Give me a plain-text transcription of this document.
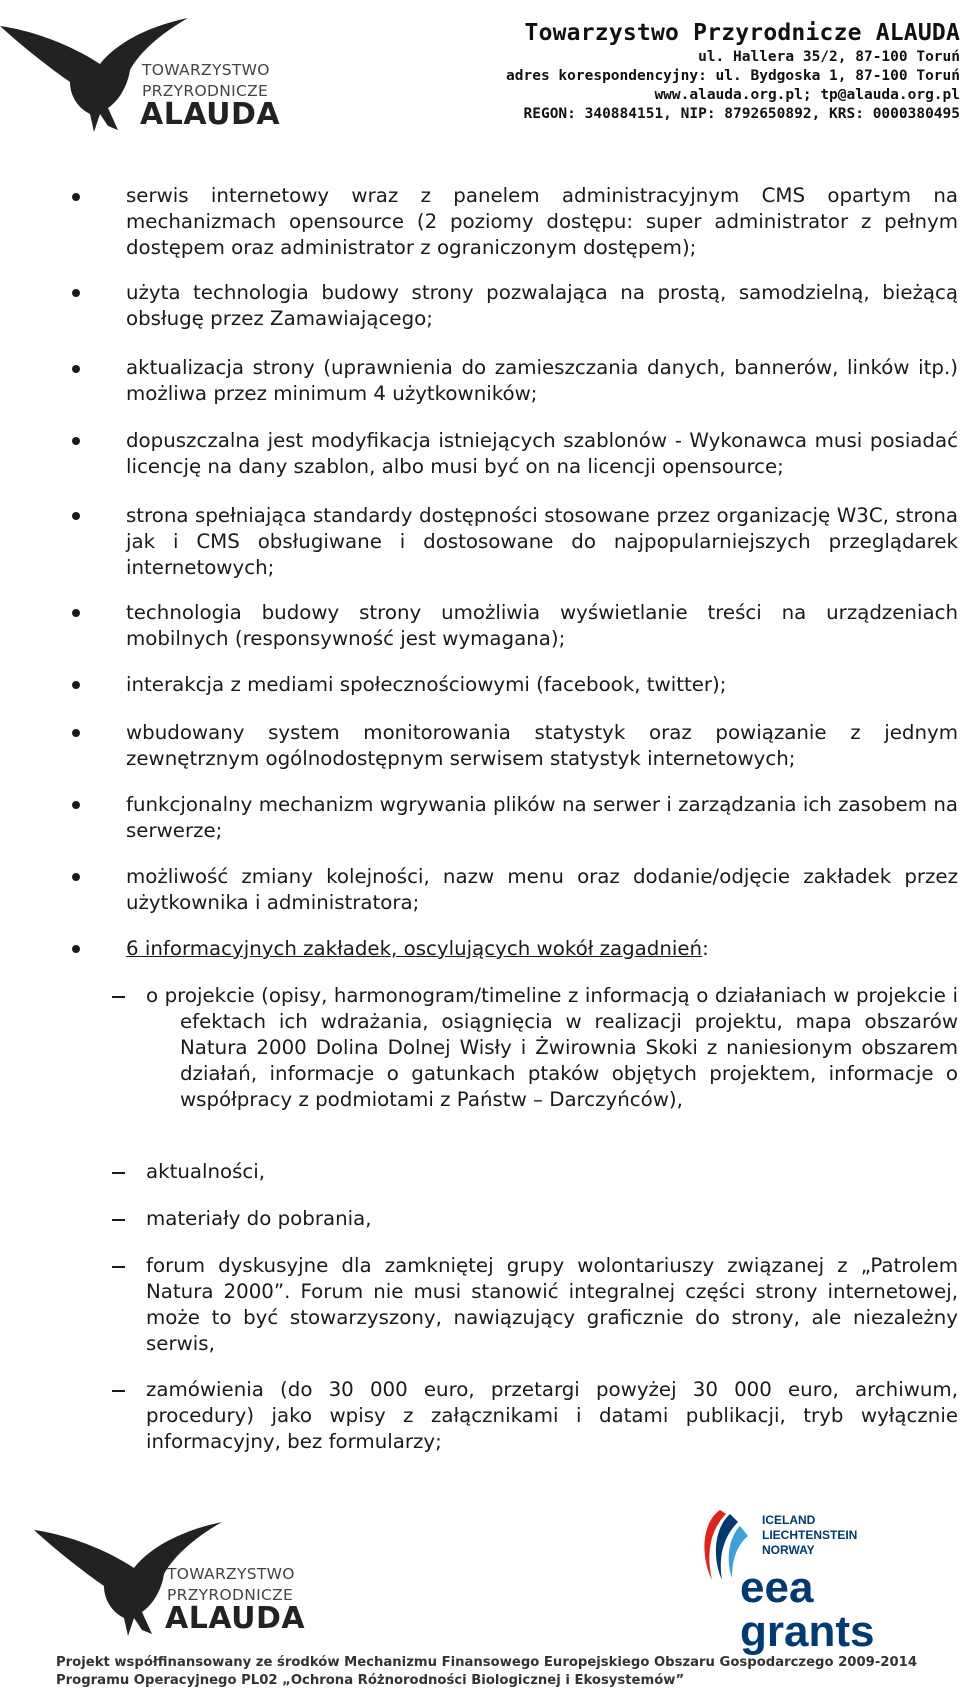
TOWARZYSTWO
PRZYRODNICZE
ALAUDA
Towarzystwo Przyrodnicze ALAUDA
ul. Hallera 35/2, 87-100 Toruń
adres korespondencyjny: ul. Bydgoska 1, 87-100 Toruń
www.alauda.org.pl; tp@alauda.org.pl
REGON: 340884151, NIP: 8792650892, KRS: 0000380495
serwis internetowy wraz z panelem administracyjnym CMS opartym na mechanizmach opensource (2 poziomy dostępu: super administrator z pełnym dostępem oraz administrator z ograniczonym dostępem);
użyta technologia budowy strony pozwalająca na prostą, samodzielną, bieżącą obsługę przez Zamawiającego;
aktualizacja strony (uprawnienia do zamieszczania danych, bannerów, linków itp.) możliwa przez minimum 4 użytkowników;
dopuszczalna jest modyfikacja istniejących szablonów - Wykonawca musi posiadać licencję na dany szablon, albo musi być on na licencji opensource;
strona spełniająca standardy dostępności stosowane przez organizację W3C, strona jak i CMS obsługiwane i dostosowane do najpopularniejszych przeglądarek internetowych;
technologia budowy strony umożliwia wyświetlanie treści na urządzeniach mobilnych (responsywność jest wymagana);
interakcja z mediami społecznościowymi (facebook, twitter);
wbudowany system monitorowania statystyk oraz powiązanie z jednym zewnętrznym ogólnodostępnym serwisem statystyk internetowych;
funkcjonalny mechanizm wgrywania plików na serwer i zarządzania ich zasobem na serwerze;
możliwość zmiany kolejności, nazw menu oraz dodanie/odjęcie zakładek przez użytkownika i administratora;
6 informacyjnych zakładek, oscylujących wokół zagadnień:
o projekcie (opisy, harmonogram/timeline z informacją o działaniach w projekcie i efektach ich wdrażania, osiągnięcia w realizacji projektu, mapa obszarów Natura 2000 Dolina Dolnej Wisły i Żwirownia Skoki z naniesionym obszarem działań, informacje o gatunkach ptaków objętych projektem, informacje o współpracy z podmiotami z Państw – Darczyńców),
aktualności,
materiały do pobrania,
forum dyskusyjne dla zamkniętej grupy wolontariuszy związanej z „Patrolem Natura 2000”. Forum nie musi stanowić integralnej części strony internetowej, może to być stowarzyszony, nawiązujący graficznie do strony, ale niezależny serwis,
zamówienia (do 30 000 euro, przetargi powyżej 30 000 euro, archiwum, procedury) jako wpisy z załącznikami i datami publikacji, tryb wyłącznie informacyjny, bez formularzy;
TOWARZYSTWO
PRZYRODNICZE
ALAUDA
ICELAND
LIECHTENSTEIN
NORWAY
eea
grants
Projekt współfinansowany ze środków Mechanizmu Finansowego Europejskiego Obszaru Gospodarczego 2009-2014
Programu Operacyjnego PL02 „Ochrona Różnorodności Biologicznej i Ekosystemów”
